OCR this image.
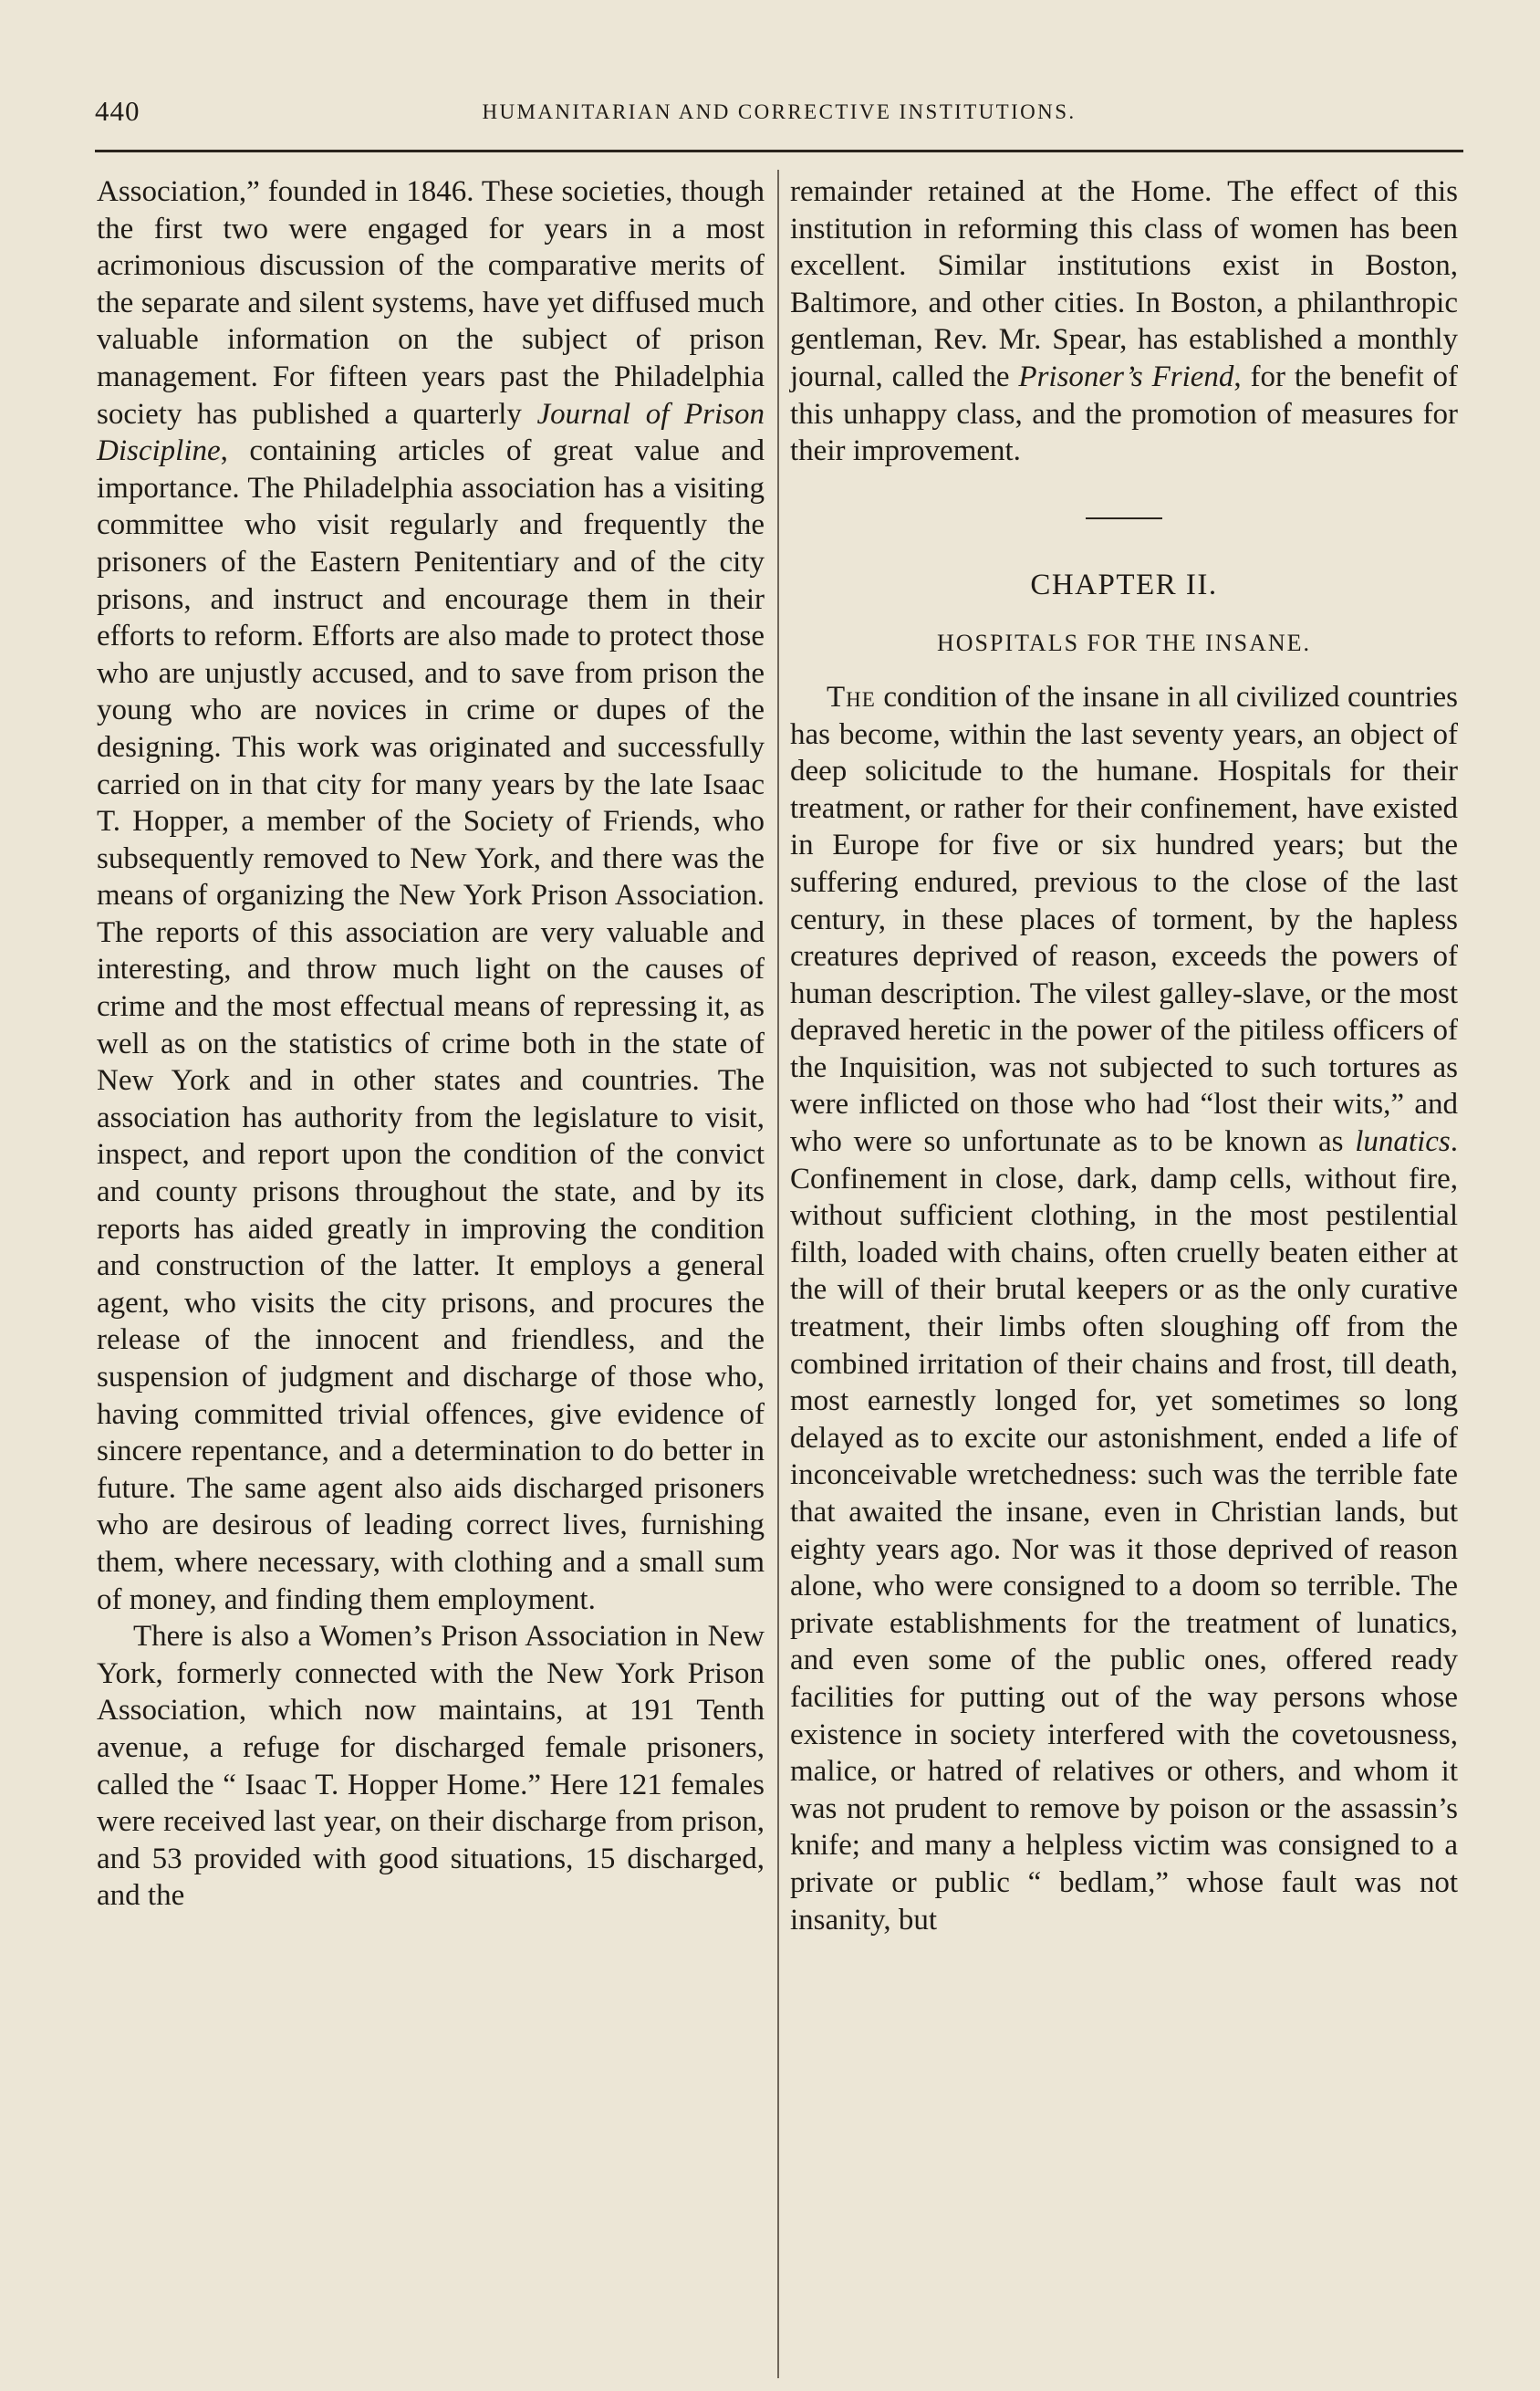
440	HUMANITARIAN AND CORRECTIVE INSTITUTIONS.

Association,” founded in 1846. These societies, though the first two were engaged for years in a most acrimonious discussion of the comparative merits of the separate and silent systems, have yet diffused much valuable information on the subject of prison management. For fifteen years past the Philadelphia society has published a quarterly Journal of Prison Discipline, containing articles of great value and importance. The Philadelphia association has a visiting committee who visit regularly and frequently the prisoners of the Eastern Penitentiary and of the city prisons, and instruct and encourage them in their efforts to reform. Efforts are also made to protect those who are unjustly accused, and to save from prison the young who are novices in crime or dupes of the designing. This work was originated and successfully carried on in that city for many years by the late Isaac T. Hopper, a member of the Society of Friends, who subsequently removed to New York, and there was the means of organizing the New York Prison Association. The reports of this association are very valuable and interesting, and throw much light on the causes of crime and the most effectual means of repressing it, as well as on the statistics of crime both in the state of New York and in other states and countries. The association has authority from the legislature to visit, inspect, and report upon the condition of the convict and county prisons throughout the state, and by its reports has aided greatly in improving the condition and construction of the latter. It employs a general agent, who visits the city prisons, and procures the release of the innocent and friendless, and the suspension of judgment and discharge of those who, having committed trivial offences, give evidence of sincere repentance, and a determination to do better in future. The same agent also aids discharged prisoners who are desirous of leading correct lives, furnishing them, where necessary, with clothing and a small sum of money, and finding them employment.

There is also a Women’s Prison Association in New York, formerly connected with the New York Prison Association, which now maintains, at 191 Tenth avenue, a refuge for discharged female prisoners, called the “ Isaac T. Hopper Home.” Here 121 females were received last year, on their discharge from prison, and 53 provided with good situations, 15 discharged, and the

remainder retained at the Home. The effect of this institution in reforming this class of women has been excellent. Similar institutions exist in Boston, Baltimore, and other cities. In Boston, a philanthropic gentleman, Rev. Mr. Spear, has established a monthly journal, called the Prisoner’s Friend, for the benefit of this unhappy class, and the promotion of measures for their improvement.

CHAPTER II.
HOSPITALS FOR THE INSANE.

The condition of the insane in all civilized countries has become, within the last seventy years, an object of deep solicitude to the humane. Hospitals for their treatment, or rather for their confinement, have existed in Europe for five or six hundred years; but the suffering endured, previous to the close of the last century, in these places of torment, by the hapless creatures deprived of reason, exceeds the powers of human description. The vilest galley-slave, or the most depraved heretic in the power of the pitiless officers of the Inquisition, was not subjected to such tortures as were inflicted on those who had “lost their wits,” and who were so unfortunate as to be known as lunatics. Confinement in close, dark, damp cells, without fire, without sufficient clothing, in the most pestilential filth, loaded with chains, often cruelly beaten either at the will of their brutal keepers or as the only curative treatment, their limbs often sloughing off from the combined irritation of their chains and frost, till death, most earnestly longed for, yet sometimes so long delayed as to excite our astonishment, ended a life of inconceivable wretchedness: such was the terrible fate that awaited the insane, even in Christian lands, but eighty years ago. Nor was it those deprived of reason alone, who were consigned to a doom so terrible. The private establishments for the treatment of lunatics, and even some of the public ones, offered ready facilities for putting out of the way persons whose existence in society interfered with the covetousness, malice, or hatred of relatives or others, and whom it was not prudent to remove by poison or the assassin’s knife; and many a helpless victim was consigned to a private or public “ bedlam,” whose fault was not insanity, but
